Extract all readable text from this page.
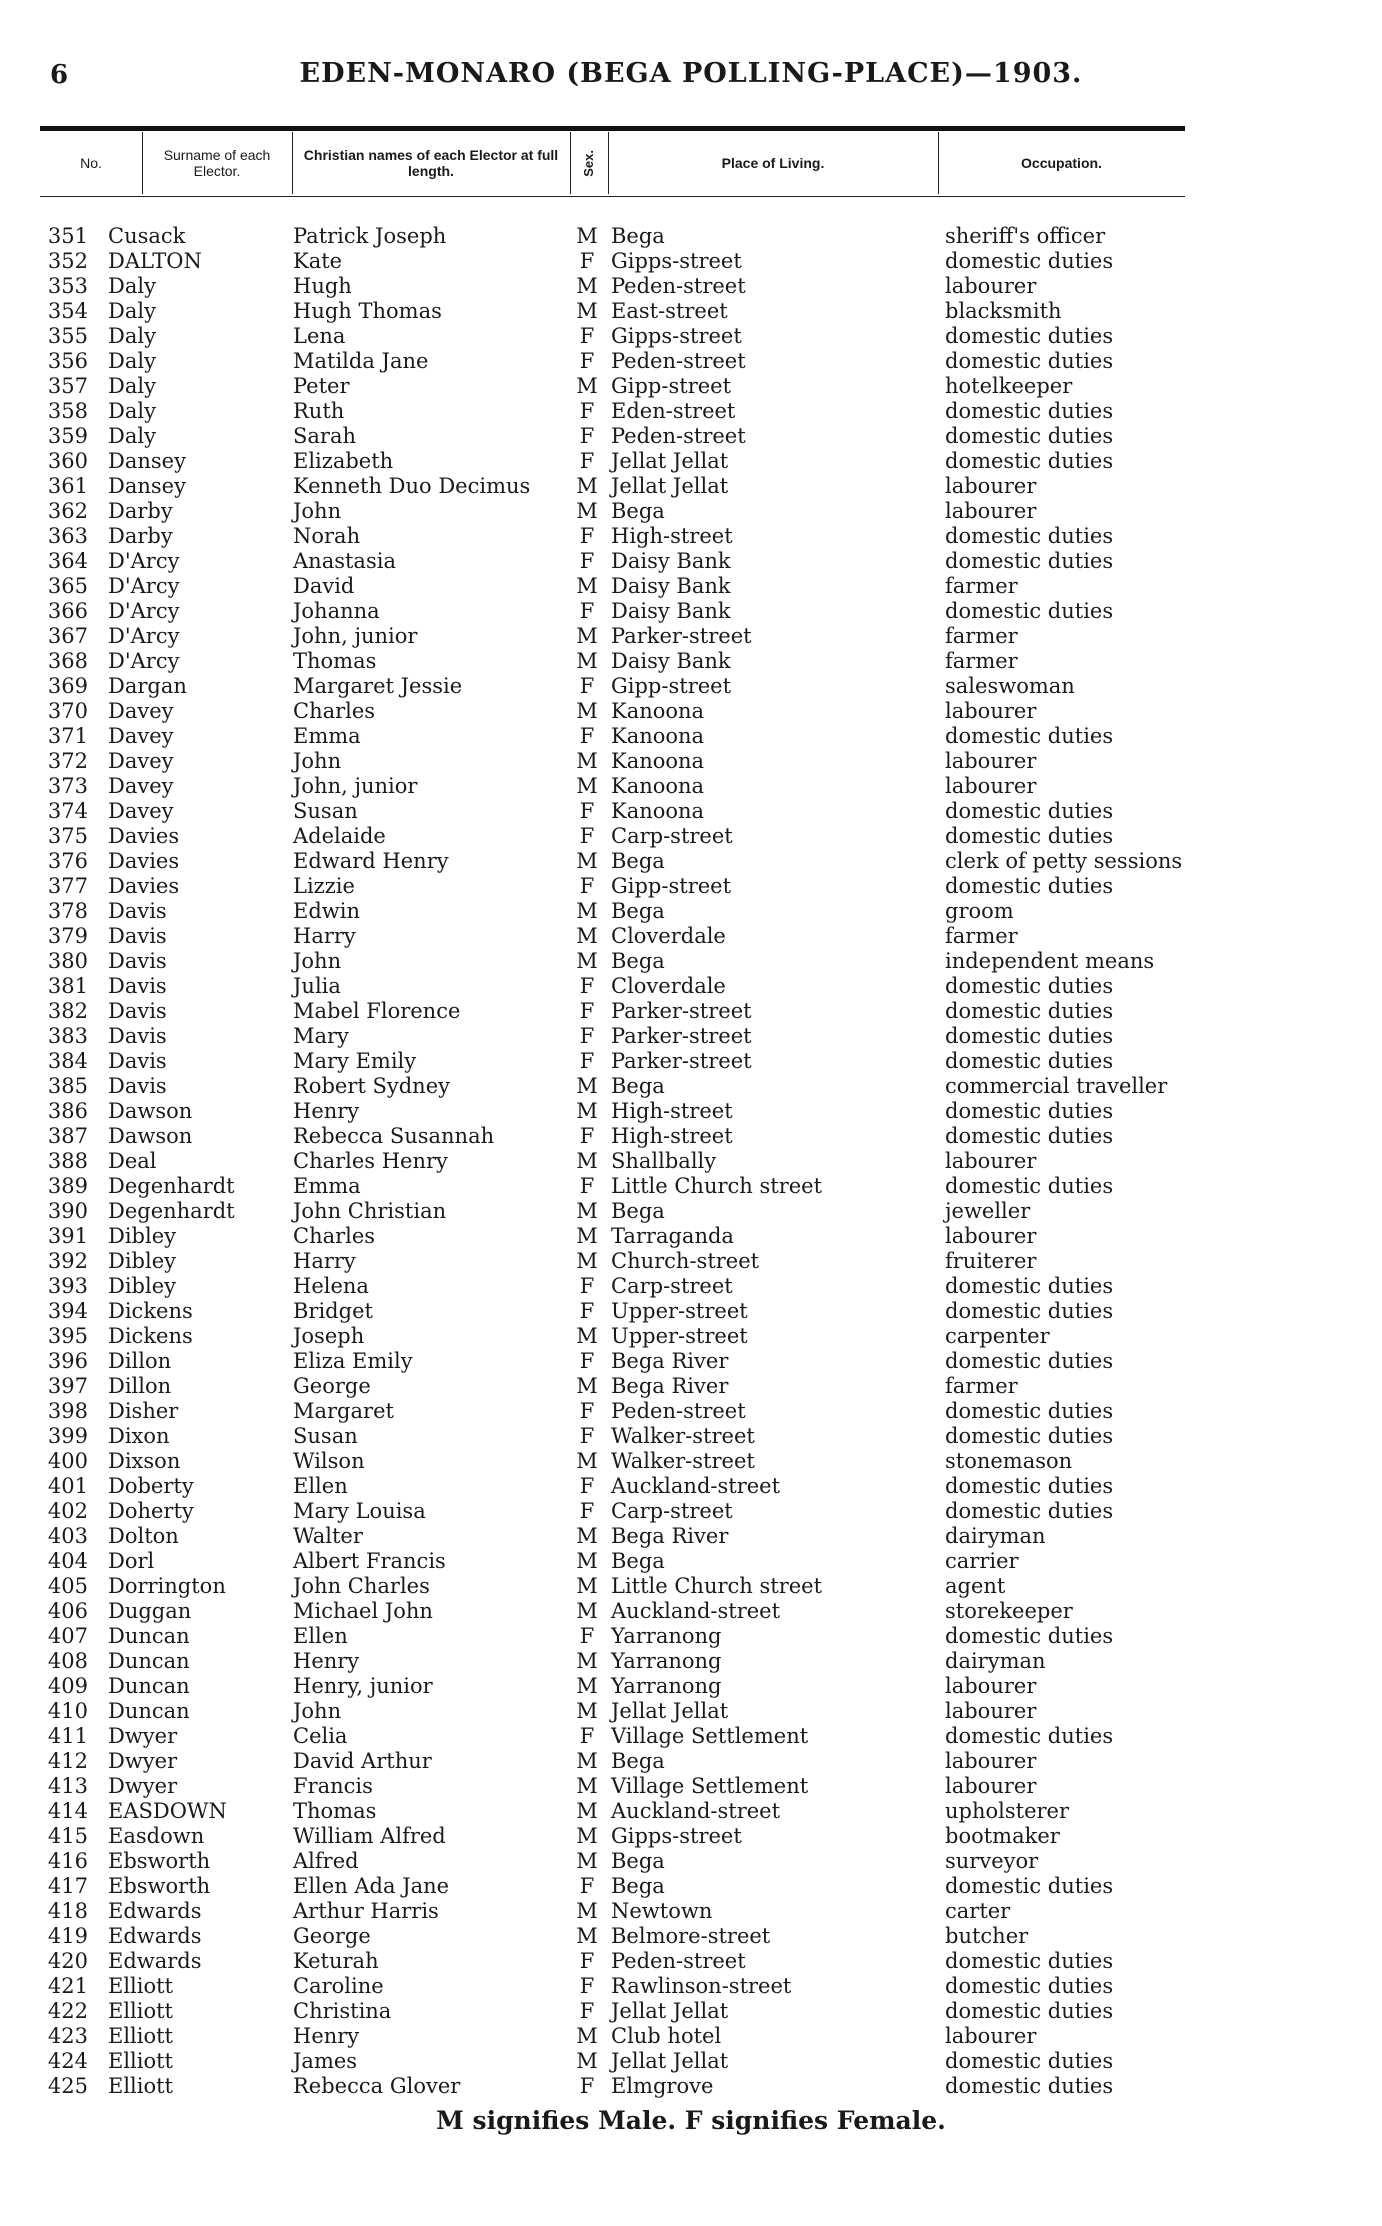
6	EDEN-MONARO (BEGA POLLING-PLACE)—1903.
No.	Surname of each Elector.
Christian names of each Elector at full length.	Sex.	Place of Living.	Occupation.
351 Cusack	Patrick Joseph	M Bega	sheriff's officer
352 DALTON	Kate	F Gipps-street	domestic duties
353 Daly	Hugh	M Peden-street	labourer
354 Daly	Hugh Thomas	M East-street	blacksmith
355 Daly	Lena	F Gipps-street	domestic duties
356 Daly	Matilda Jane	F Peden-street	domestic duties
357 Daly	Peter	M Gipp-street	hotelkeeper
358 Daly	Ruth	F Eden-street	domestic duties
359 Daly	Sarah	F Peden-street	domestic duties
360 Dansey	Elizabeth	F Jellat Jellat	domestic duties
361 Dansey	Kenneth Duo Decimus M Jellat Jellat	labourer
362 Darby	John	M Bega	labourer
363 Darby	Norah	F High-street	domestic duties
364 D'Arcy	Anastasia	F Daisy Bank	domestic duties
365 D'Arcy	David	M Daisy Bank	farmer
366 D'Arcy	Johanna	F Daisy Bank	domestic duties
367 D'Arcy	John, junior	M Parker-street	farmer
368 D'Arcy	Thomas	M Daisy Bank	farmer
369 Dargan	Margaret Jessie	F Gipp-street	saleswoman
370 Davey	Charles	M Kanoona	labourer
371 Davey	Emma	F Kanoona	domestic duties
372 Davey	John	M Kanoona	labourer
373 Davey	John, junior	M Kanoona	labourer
374 Davey	Susan	F Kanoona	domestic duties
375 Davies	Adelaide	F Carp-street	domestic duties
376 Davies	Edward Henry	M Bega	clerk of petty sessions
377 Davies	Lizzie	F Gipp-street	domestic duties
378 Davis	Edwin	M Bega	groom
379 Davis	Harry	M Cloverdale	farmer
380 Davis	John	M Bega	independent means
381 Davis	Julia	F Cloverdale	domestic duties
382 Davis	Mabel Florence	F Parker-street	domestic duties
383 Davis	Mary	F Parker-street	domestic duties
384 Davis	Mary Emily	F Parker-street	domestic duties
385 Davis	Robert Sydney	M Bega	commercial traveller
386 Dawson	Henry	M High-street	domestic duties
387 Dawson	Rebecca Susannah	F High-street	domestic duties
388 Deal	Charles Henry	M Shallbally	labourer
389 Degenhardt	Emma	F Little Church street	domestic duties
390 Degenhardt	John Christian	M Bega	jeweller
391 Dibley	Charles	M Tarraganda	labourer
392 Dibley	Harry	M Church-street	fruiterer
393 Dibley	Helena	F Carp-street	domestic duties
394 Dickens	Bridget	F Upper-street	domestic duties
395 Dickens	Joseph	M Upper-street	carpenter
396 Dillon	Eliza Emily	F Bega River	domestic duties
397 Dillon	George	M Bega River	farmer
398 Disher	Margaret	F Peden-street	domestic duties
399 Dixon	Susan	F Walker-street	domestic duties
400 Dixson	Wilson	M Walker-street	stonemason
401 Doberty	Ellen	F Auckland-street	domestic duties
402 Doherty	Mary Louisa	F Carp-street	domestic duties
403 Dolton	Walter	M Bega River	dairyman
404 Dorl	Albert Francis	M Bega	carrier
405 Dorrington	John Charles	M Little Church street	agent
406 Duggan	Michael John	M Auckland-street	storekeeper
407 Duncan	Ellen	F Yarranong	domestic duties
408 Duncan	Henry	M Yarranong	dairyman
409 Duncan	Henry, junior	M Yarranong	labourer
410 Duncan	John	M Jellat Jellat	labourer
411 Dwyer	Celia	F Village Settlement	domestic duties
412 Dwyer	David Arthur	M Bega	labourer
413 Dwyer	Francis	M Village Settlement	labourer
414 EASDOWN	Thomas	M Auckland-street	upholsterer
415 Easdown	William Alfred	M Gipps-street	bootmaker
416 Ebsworth	Alfred	M Bega	surveyor
417 Ebsworth	Ellen Ada Jane	F Bega	domestic duties
418 Edwards	Arthur Harris	M Newtown	carter
419 Edwards	George	M Belmore-street	butcher
420 Edwards	Keturah	F Peden-street	domestic duties
421 Elliott	Caroline	F Rawlinson-street	domestic duties
422 Elliott	Christina	F Jellat Jellat	domestic duties
423 Elliott	Henry	M Club hotel	labourer
424 Elliott	James	M Jellat Jellat	domestic duties
425 Elliott	Rebecca Glover	F Elmgrove	domestic duties
M signifies Male. F signifies Female.
